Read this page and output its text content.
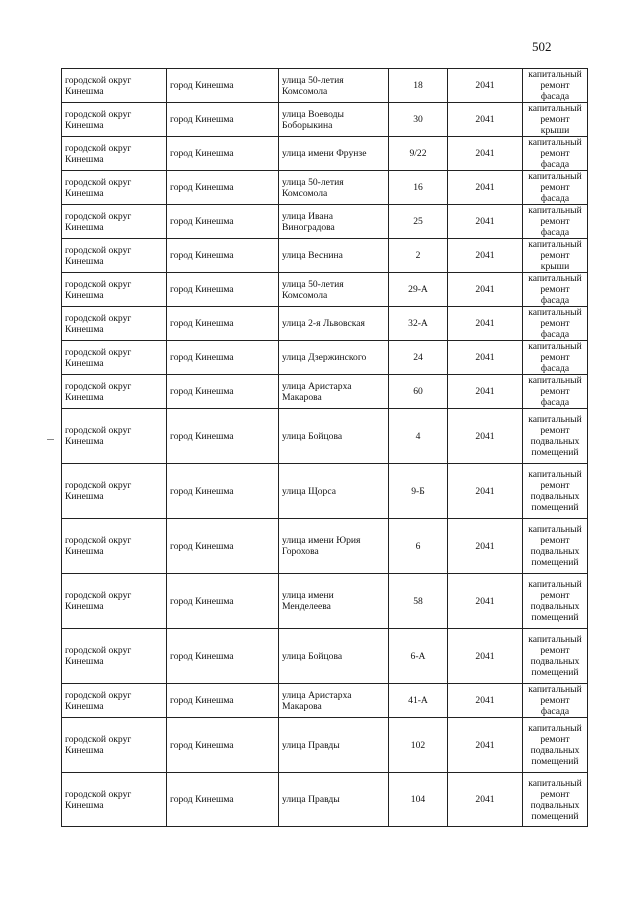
502
городской округ Кинешма	город Кинешма	улица 50-летия Комсомола	18	2041	капитальный ремонт фасада
городской округ Кинешма	город Кинешма	улица Воеводы Боборыкина	30	2041	капитальный ремонт крыши
городской округ Кинешма	город Кинешма	улица имени Фрунзе	9/22	2041	капитальный ремонт фасада
городской округ Кинешма	город Кинешма	улица 50-летия Комсомола	16	2041	капитальный ремонт фасада
городской округ Кинешма	город Кинешма	улица Ивана Виноградова	25	2041	капитальный ремонт фасада
городской округ Кинешма	город Кинешма	улица Веснина	2	2041	капитальный ремонт крыши
городской округ Кинешма	город Кинешма	улица 50-летия Комсомола	29-А	2041	капитальный ремонт фасада
городской округ Кинешма	город Кинешма	улица 2-я Львовская	32-А	2041	капитальный ремонт фасада
городской округ Кинешма	город Кинешма	улица Дзержинского	24	2041	капитальный ремонт фасада
городской округ Кинешма	город Кинешма	улица Аристарха Макарова	60	2041	капитальный ремонт фасада
городской округ Кинешма	город Кинешма	улица Бойцова	4	2041	капитальный ремонт подвальных помещений
городской округ Кинешма	город Кинешма	улица Щорса	9-Б	2041	капитальный ремонт подвальных помещений
городской округ Кинешма	город Кинешма	улица имени Юрия Горохова	6	2041	капитальный ремонт подвальных помещений
городской округ Кинешма	город Кинешма	улица имени Менделеева	58	2041	капитальный ремонт подвальных помещений
городской округ Кинешма	город Кинешма	улица Бойцова	6-А	2041	капитальный ремонт подвальных помещений
городской округ Кинешма	город Кинешма	улица Аристарха Макарова	41-А	2041	капитальный ремонт фасада
городской округ Кинешма	город Кинешма	улица Правды	102	2041	капитальный ремонт подвальных помещений
городской округ Кинешма	город Кинешма	улица Правды	104	2041	капитальный ремонт подвальных помещений
